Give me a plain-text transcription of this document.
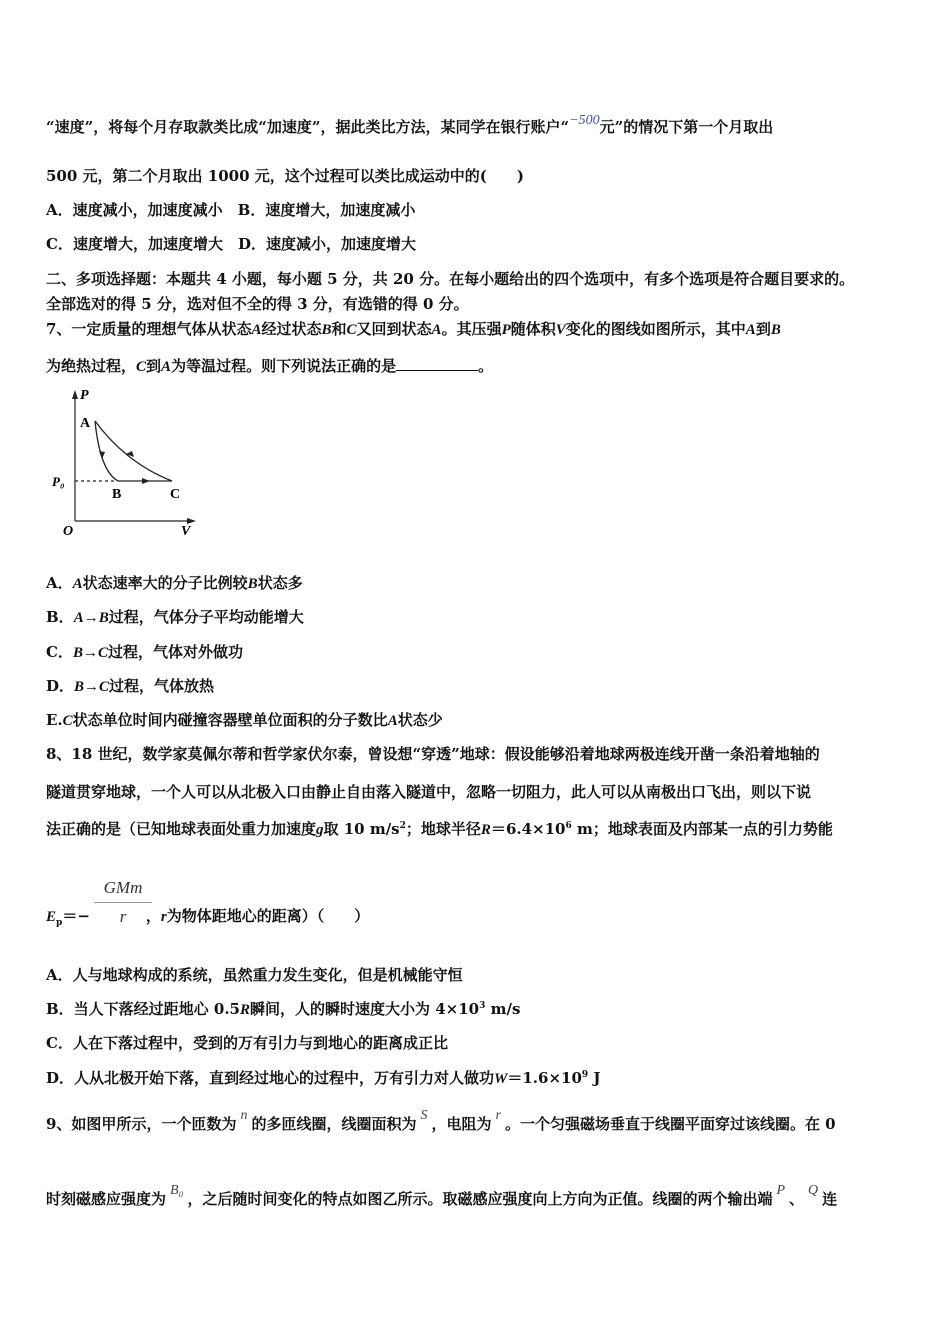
“速度”，将每个月存取款类比成“加速度”，据此类比方法，某同学在银行账户“−500元”的情况下第一个月取出
500 元，第二个月取出 1000 元，这个过程可以类比成运动中的(　　)
A．速度减小，加速度减小　B．速度增大，加速度减小
C．速度增大，加速度增大　D．速度减小，加速度增大
二、多项选择题：本题共 4 小题，每小题 5 分，共 20 分。在每小题给出的四个选项中，有多个选项是符合题目要求的。
全部选对的得 5 分，选对但不全的得 3 分，有选错的得 0 分。
7、一定质量的理想气体从状态A经过状态B和C又回到状态A。其压强P随体积V变化的图线如图所示，其中A到B
为绝热过程，C到A为等温过程。则下列说法正确的是	。
P
V
O
P₀
A
B	C
A．A状态速率大的分子比例较B状态多
B．A→B过程，气体分子平均动能增大
C．B→C过程，气体对外做功
D．B→C过程，气体放热
E.C状态单位时间内碰撞容器壁单位面积的分子数比A状态少
8、18 世纪，数学家莫佩尔蒂和哲学家伏尔泰，曾设想“穿透”地球：假设能够沿着地球两极连线开凿一条沿着地轴的
隧道贯穿地球，一个人可以从北极入口由静止自由落入隧道中，忽略一切阻力，此人可以从南极出口飞出，则以下说
法正确的是（已知地球表面处重力加速度g取 10 $m/s^2$；地球半径$R=6.4\times 10^6$ m；地球表面及内部某一点的引力势能
GMm
r
$E_p=-$	，r为物体距地心的距离）（　　）
A．人与地球构成的系统，虽然重力发生变化，但是机械能守恒
B．当人下落经过距地心 0.5R瞬间，人的瞬时速度大小为 $4\times 10^3$ m/s
C．人在下落过程中，受到的万有引力与到地心的距离成正比
D．人从北极开始下落，直到经过地心的过程中，万有引力对人做功$W=1.6\times 10^9$ J
9、如图甲所示，一个匝数为 n 的多匝线圈，线圈面积为 S ，电阻为 r 。一个匀强磁场垂直于线圈平面穿过该线圈。在 0
时刻磁感应强度为 B₀ ，之后随时间变化的特点如图乙所示。取磁感应强度向上方向为正值。线圈的两个输出端 P 、 Q 连
